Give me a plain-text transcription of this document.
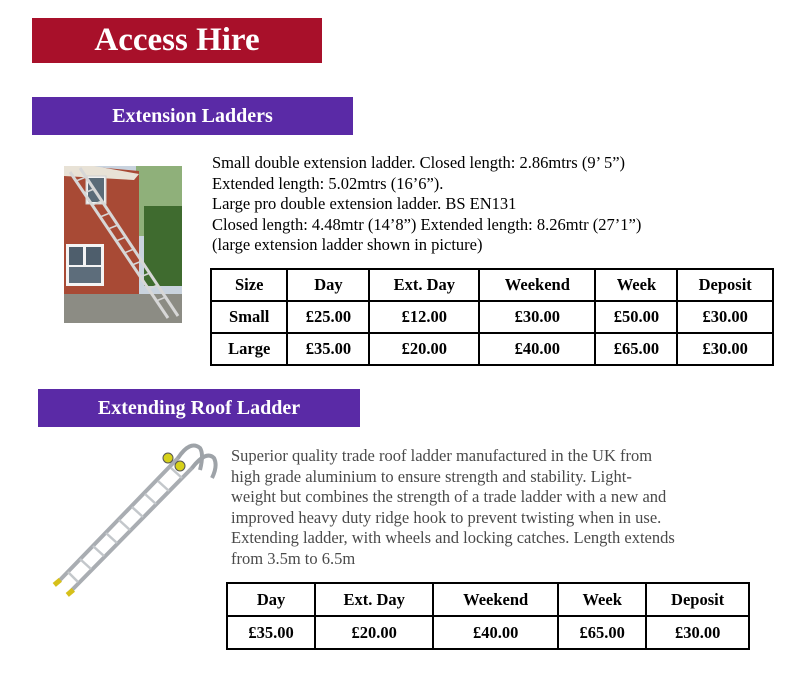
Access Hire
Extension Ladders
Small double extension ladder. Closed length: 2.86mtrs (9’ 5”)
Extended length: 5.02mtrs (16’6”).
Large pro double extension ladder. BS EN131
Closed length: 4.48mtr (14’8”) Extended length: 8.26mtr (27’1”)
(large extension ladder shown in picture)
Size	Day	Ext. Day	Weekend	Week	Deposit
Small	£25.00	£12.00	£30.00	£50.00	£30.00
Large	£35.00	£20.00	£40.00	£65.00	£30.00
Extending Roof Ladder
Superior quality trade roof ladder manufactured in the UK from
high grade aluminium to ensure strength and stability. Light-
weight but combines the strength of a trade ladder with a new and
improved heavy duty ridge hook to prevent twisting when in use.
Extending ladder, with wheels and locking catches. Length extends
from 3.5m to 6.5m
Day	Ext. Day	Weekend	Week	Deposit
£35.00	£20.00	£40.00	£65.00	£30.00
